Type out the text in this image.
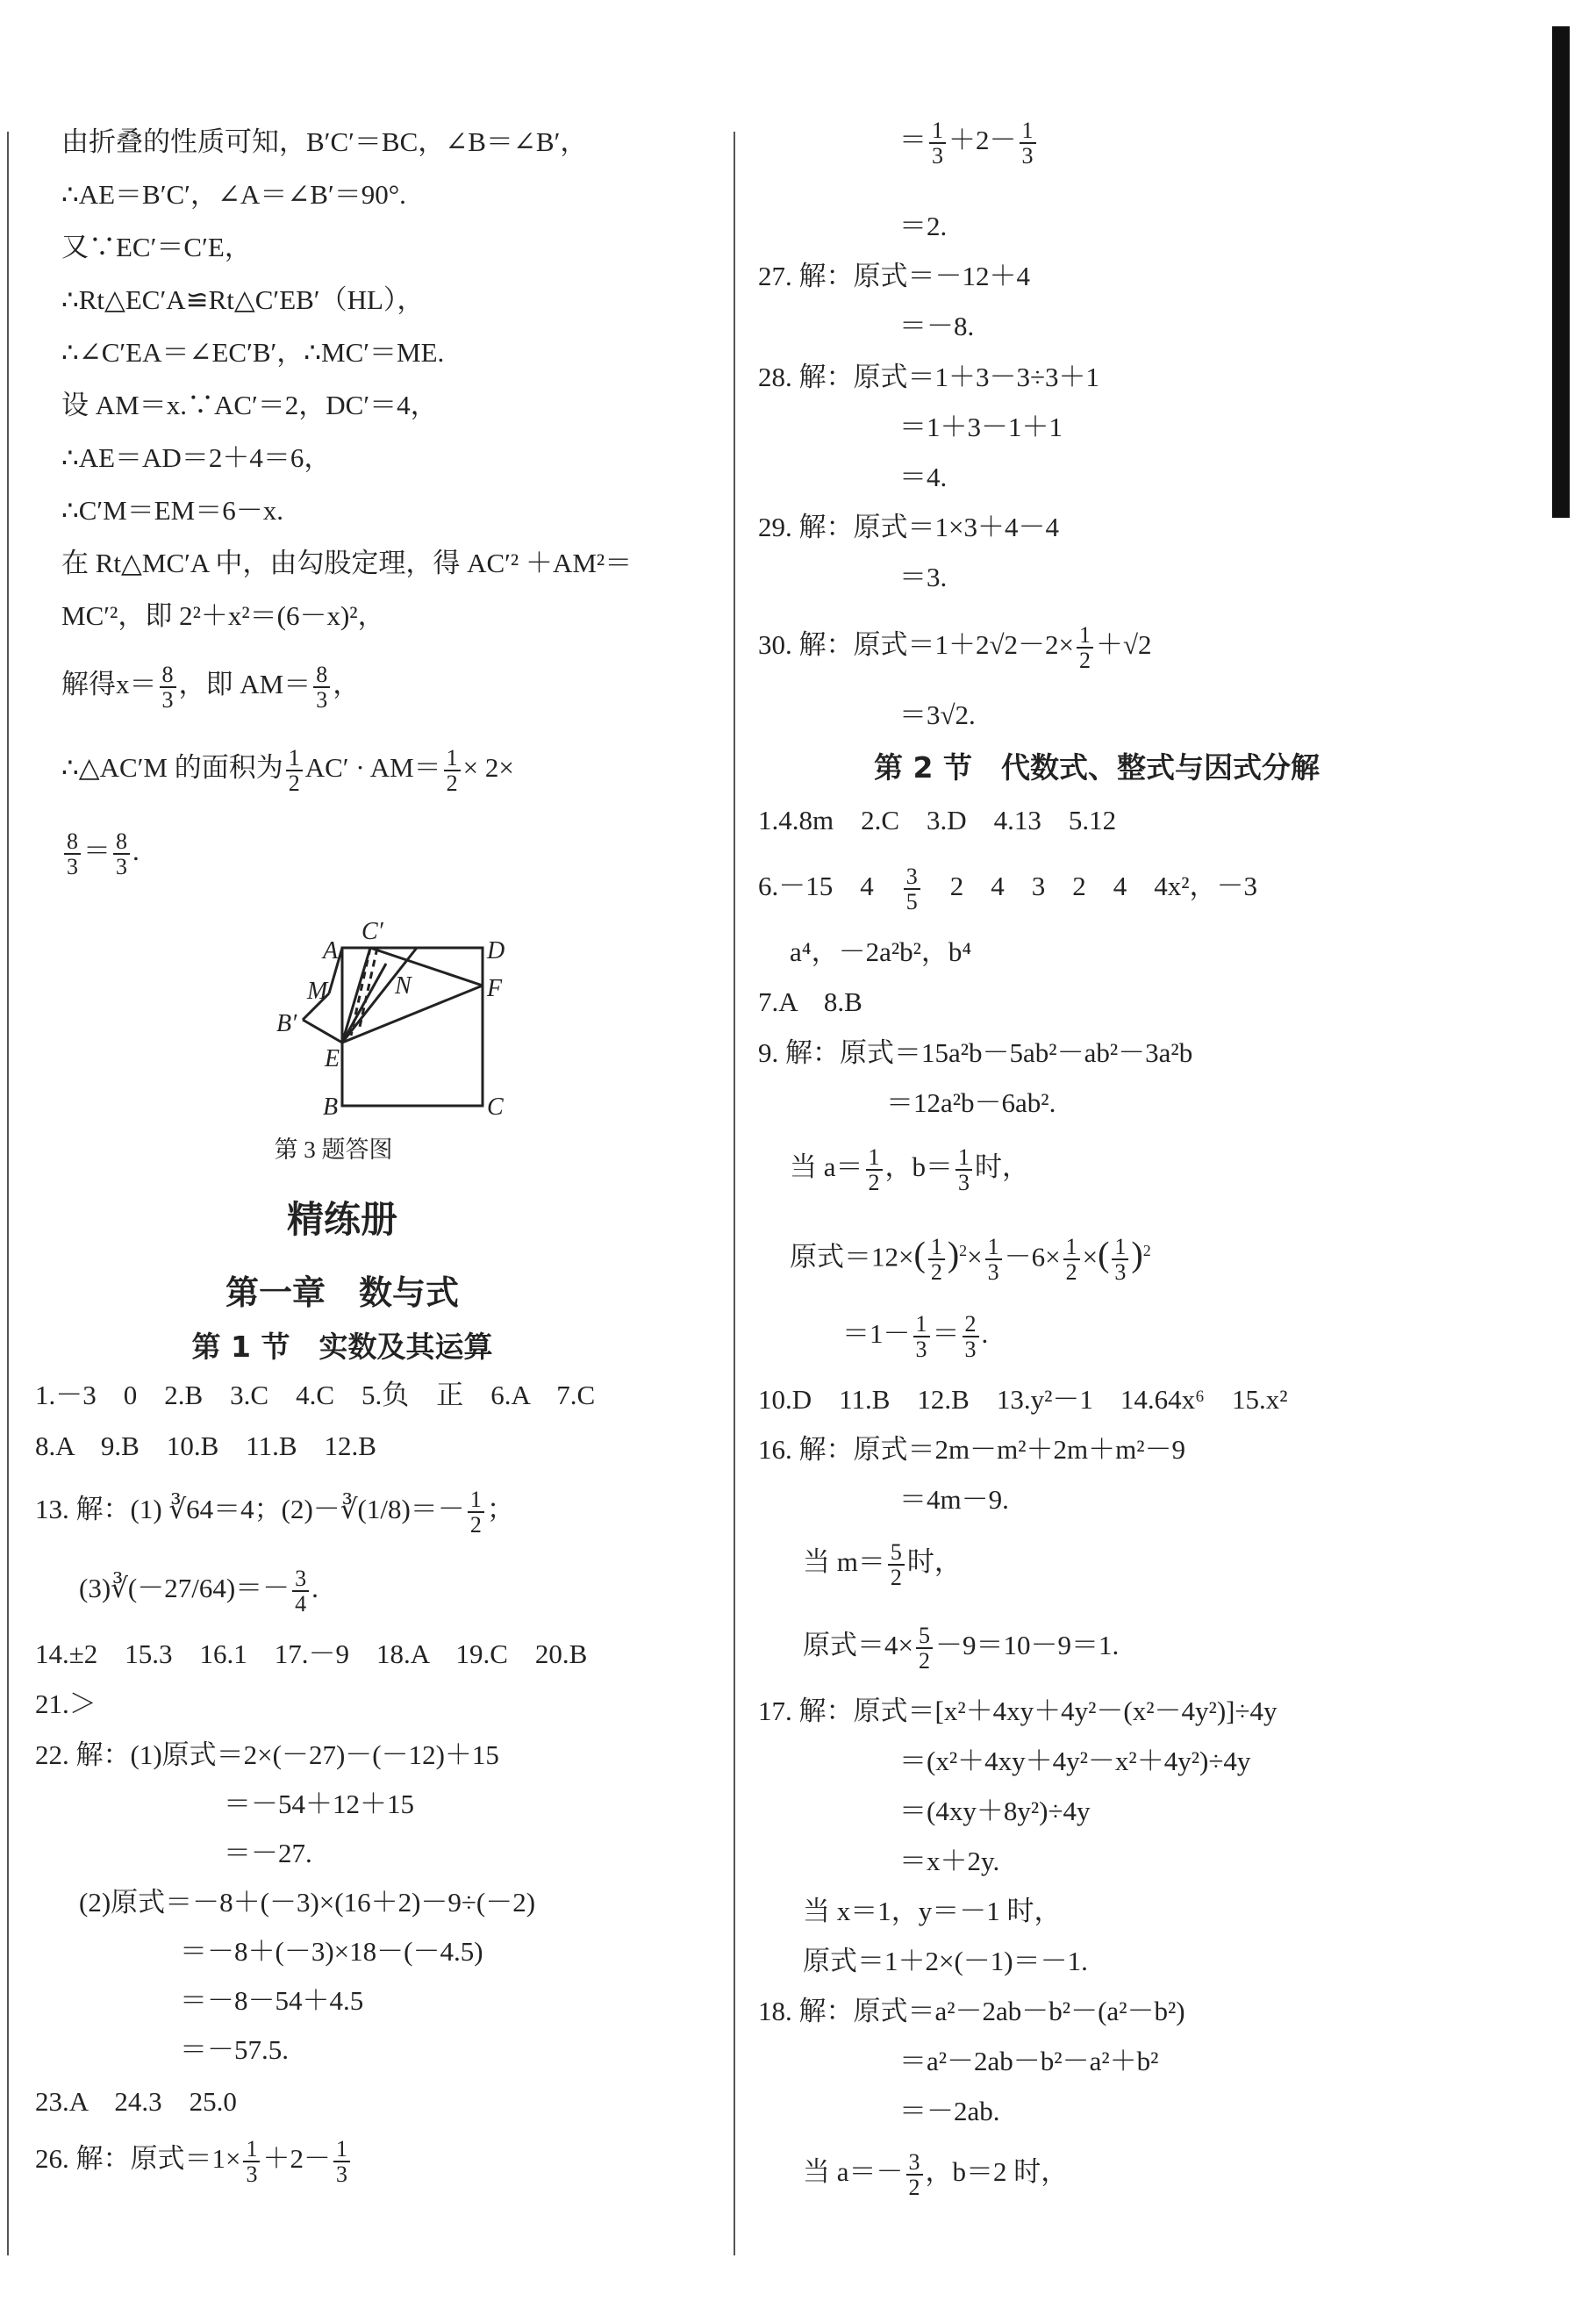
由折叠的性质可知，B′C′＝BC，∠B＝∠B′，
∴AE＝B′C′，∠A＝∠B′＝90°.
又∵EC′＝C′E，
∴Rt△EC′A≌Rt△C′EB′（HL），
∴∠C′EA＝∠EC′B′，∴MC′＝ME.
设 AM＝x.∵AC′＝2，DC′＝4，
∴AE＝AD＝2＋4＝6，
∴C′M＝EM＝6－x.
在 Rt△MC′A 中，由勾股定理，得 AC′² ＋AM²＝
MC′²，即 2²＋x²＝(6－x)²，
解得$x= \frac{8}{3}$ ，即 $AM= \frac{8}{3}$ ，
∴△AC′M 的面积为 $\frac{1}{2} AC' \cdot AM= \frac{1}{2} \times 2\times$
$\frac{8}{3} = \frac{8}{3}$ .
A
C′
D
M	N	F
B′
E
B	C
第 3 题答图
精练册
第一章　数与式
第 1 节　实数及其运算
1.－3　0　2.B　3.C　4.C　5.负　正　6.A　7.C
8.A　9.B　10.B　11.B　12.B
13. 解：(1) ∛64＝4；(2)－∛(1/8)＝－ $\frac{1}{2}$ ；
(3)∛(－27/64)＝－ $\frac{3}{4}$ .
14.±2　15.3　16.1　17.－9　18.A　19.C　20.B
21.＞
22. 解：(1)原式＝2×(－27)－(－12)＋15
＝－54＋12＋15
＝－27.
(2)原式＝－8＋(－3)×(16＋2)－9÷(－2)
＝－8＋(－3)×18－(－4.5)
＝－8－54＋4.5
＝－57.5.
23.A　24.3　25.0
26. 解：原式$=1\times \frac{1}{3} +2- \frac{1}{3}$
＝ $\frac{1}{3} +2- \frac{1}{3}$
＝2.
27. 解：原式＝－12＋4
＝－8.
28. 解：原式＝1＋3－3÷3＋1
＝1＋3－1＋1
＝4.
29. 解：原式＝1×3＋4－4
＝3.
30. 解：原式$=1+2√2-2\times \frac{1}{2} +√2$
＝3√2.
第 2 节　代数式、整式与因式分解
1.4.8m　2.C　3.D　4.13　5.12
6.－15　4　 $\frac{3}{5}$
　 2　4　3　2　4　4x²，－3
a⁴，－2a²b²，b⁴
7.A　8.B
9. 解：原式＝15a²b－5ab²－ab²－3a²b
＝12a²b－6ab².
当 $a= \frac{1}{2}$ ，$b= \frac{1}{3}$ 时，
原式$=12\times( \frac{1}{2} )^2\times \frac{1}{3} -6\times \frac{1}{2}$ ×( $\frac{1}{3} )^2$
$=1- \frac{1}{3} = \frac{2}{3}$ .
10.D　11.B　12.B　13.y²－1　14.64x⁶　15.x²
16. 解：原式＝2m－m²＋2m＋m²－9
＝4m－9.
当 $m= \frac{5}{2}$ 时，
原式$=4\times \frac{5}{2} -9=10-9=1$.
17. 解：原式＝[x²＋4xy＋4y²－(x²－4y²)]÷4y
＝(x²＋4xy＋4y²－x²＋4y²)÷4y
＝(4xy＋8y²)÷4y
＝x＋2y.
当 x＝1，y＝－1 时，
原式＝1＋2×(－1)＝－1.
18. 解：原式＝a²－2ab－b²－(a²－b²)
＝a²－2ab－b²－a²＋b²
＝－2ab.
当 $a=- \frac{3}{2}$ ，b＝2 时，
